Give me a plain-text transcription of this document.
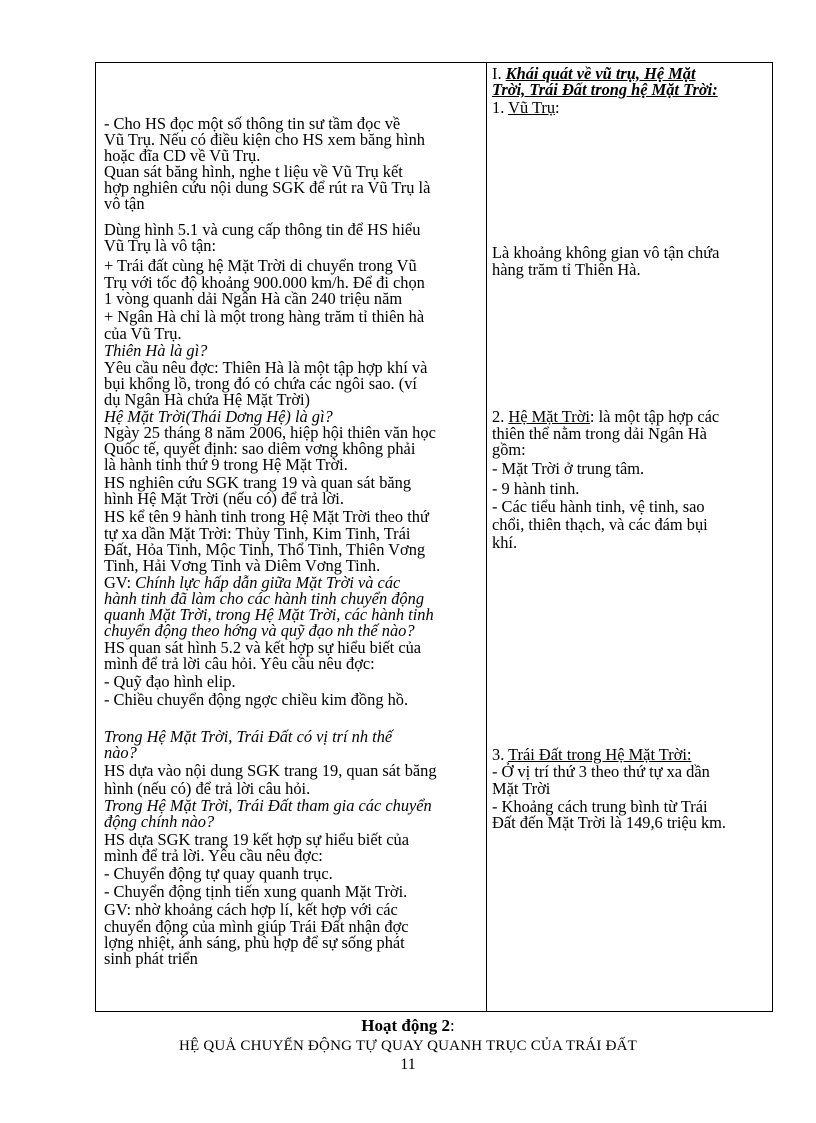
- Cho HS đọc một số thông tin sư tầm đọc về
Vũ Trụ. Nếu có điều kiện cho HS xem băng hình
hoặc đĩa CD về Vũ Trụ.
Quan sát băng hình, nghe t liệu về Vũ Trụ kết
hợp nghiên cứu nội dung SGK để rút ra Vũ Trụ là
vô tận
Dùng hình 5.1 và cung cấp thông tin để HS hiểu
Vũ Trụ là vô tận:
+ Trái đất cùng hệ Mặt Trời di chuyển trong Vũ
Trụ với tốc độ khoảng 900.000 km/h. Để đi chọn
1 vòng quanh dải Ngân Hà cần 240 triệu năm
+ Ngân Hà chỉ là một trong hàng trăm tỉ thiên hà
của Vũ Trụ.
Thiên Hà là gì?
Yêu cầu nêu đợc: Thiên Hà là một tập hợp khí và
bụi khổng lồ, trong đó có chứa các ngôi sao. (ví
dụ Ngân Hà chứa Hệ Mặt Trời)
Hệ Mặt Trời(Thái Dơng Hệ) là gì?
Ngày 25 tháng 8 năm 2006, hiệp hội thiên văn học
Quốc tế, quyết định: sao diêm vơng không phải
là hành tinh thứ 9 trong Hệ Mặt Trời.
HS nghiên cứu SGK trang 19 và quan sát băng
hình Hệ Mặt Trời (nếu có) để trả lời.
HS kể tên 9 hành tinh trong Hệ Mặt Trời theo thứ
tự xa dần Mặt Trời: Thủy Tinh, Kim Tinh, Trái
Đất, Hỏa Tinh, Mộc Tinh, Thổ Tinh, Thiên Vơng
Tinh, Hải Vơng Tinh và Diêm Vơng Tinh.
GV: Chính lực hấp dẫn giữa Mặt Trời và các
hành tinh đã làm cho các hành tinh chuyển động
quanh Mặt Trời, trong Hệ Mặt Trời, các hành tinh
chuyển động theo hớng và quỹ đạo nh thế nào?
HS quan sát hình 5.2 và kết hợp sự hiểu biết của
mình để trả lời câu hỏi. Yêu cầu nêu đợc:
- Quỹ đạo hình elip.
- Chiều chuyển động ngợc chiều kim đồng hồ.
Trong Hệ Mặt Trời, Trái Đất có vị trí nh thế
nào?
HS dựa vào nội dung SGK trang 19, quan sát băng
hình (nếu có) để trả lời câu hỏi.
Trong Hệ Mặt Trời, Trái Đất tham gia các chuyển
động chính nào?
HS dựa SGK trang 19 kết hợp sự hiểu biết của
mình để trả lời. Yêu cầu nêu đợc:
- Chuyển động tự quay quanh trục.
- Chuyển động tịnh tiến xung quanh Mặt Trời.
GV: nhờ khoảng cách hợp lí, kết hợp với các
chuyển động của mình giúp Trái Đất nhận đợc
lợng nhiệt, ánh sáng, phù hợp để sự sống phát
sinh phát triển
I. Khái quát về vũ trụ, Hệ Mặt
Trời, Trái Đất trong hệ Mặt Trời:
1. Vũ Trụ:
Là khoảng không gian vô tận chứa
hàng trăm tỉ Thiên Hà.
2. Hệ Mặt Trời: là một tập hợp các
thiên thể nằm trong dải Ngân Hà
gồm:
- Mặt Trời ở trung tâm.
- 9 hành tinh.
- Các tiểu hành tinh, vệ tinh, sao
chổi, thiên thạch, và các đám bụi
khí.
3. Trái Đất trong Hệ Mặt Trời:
- Ở vị trí thứ 3 theo thứ tự xa dần
Mặt Trời
- Khoảng cách trung bình từ Trái
Đất đến Mặt Trời là 149,6 triệu km.
Hoạt động 2:
HỆ QUẢ CHUYỂN ĐỘNG TỰ QUAY QUANH TRỤC CỦA TRÁI ĐẤT
11
